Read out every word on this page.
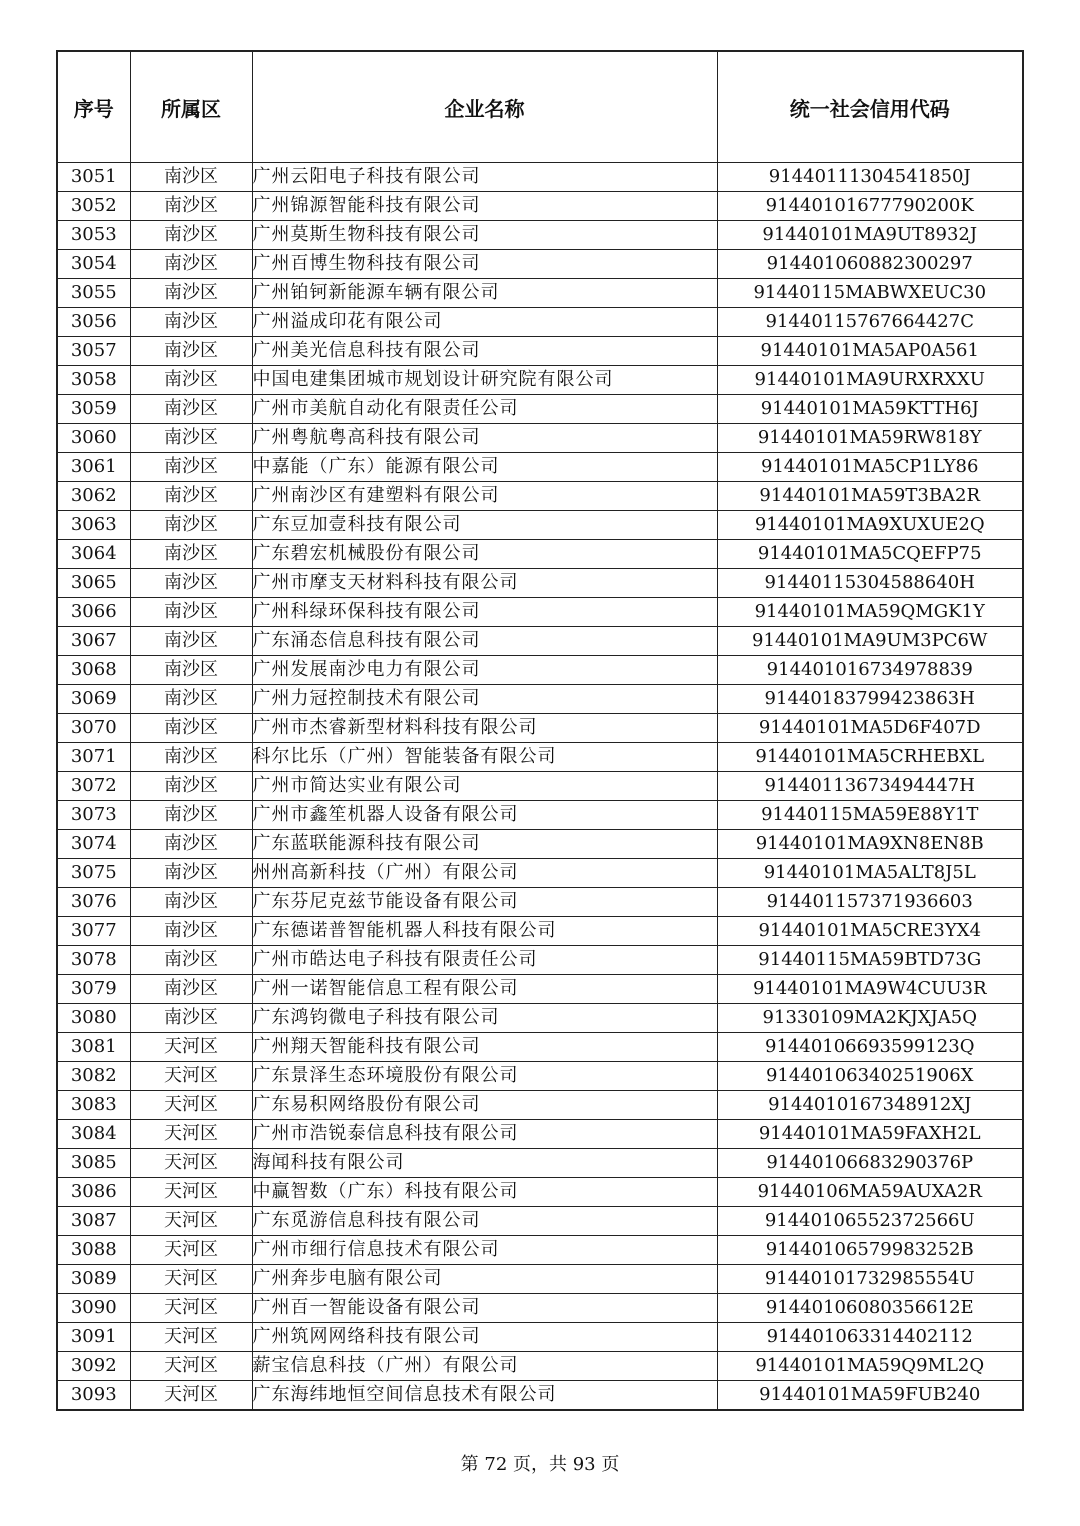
序号	所属区	企业名称	统一社会信用代码
3051	南沙区	广州云阳电子科技有限公司	91440111304541850J
3052	南沙区	广州锦源智能科技有限公司	91440101677790200K
3053	南沙区	广州莫斯生物科技有限公司	91440101MA9UT8932J
3054	南沙区	广州百博生物科技有限公司	914401060882300297
3055	南沙区	广州铂钶新能源车辆有限公司	91440115MABWXEUC30
3056	南沙区	广州溢成印花有限公司	91440115767664427C
3057	南沙区	广州美光信息科技有限公司	91440101MA5AP0A561
3058	南沙区	中国电建集团城市规划设计研究院有限公司	91440101MA9URXRXXU
3059	南沙区	广州市美航自动化有限责任公司	91440101MA59KTTH6J
3060	南沙区	广州粤航粤高科技有限公司	91440101MA59RW818Y
3061	南沙区	中嘉能（广东）能源有限公司	91440101MA5CP1LY86
3062	南沙区	广州南沙区有建塑料有限公司	91440101MA59T3BA2R
3063	南沙区	广东豆加壹科技有限公司	91440101MA9XUXUE2Q
3064	南沙区	广东碧宏机械股份有限公司	91440101MA5CQEFP75
3065	南沙区	广州市摩支天材料科技有限公司	91440115304588640H
3066	南沙区	广州科绿环保科技有限公司	91440101MA59QMGK1Y
3067	南沙区	广东涌态信息科技有限公司	91440101MA9UM3PC6W
3068	南沙区	广州发展南沙电力有限公司	914401016734978839
3069	南沙区	广州力冠控制技术有限公司	91440183799423863H
3070	南沙区	广州市杰睿新型材料科技有限公司	91440101MA5D6F407D
3071	南沙区	科尔比乐（广州）智能装备有限公司	91440101MA5CRHEBXL
3072	南沙区	广州市简达实业有限公司	91440113673494447H
3073	南沙区	广州市鑫笙机器人设备有限公司	91440115MA59E88Y1T
3074	南沙区	广东蓝联能源科技有限公司	91440101MA9XN8EN8B
3075	南沙区	州州高新科技（广州）有限公司	91440101MA5ALT8J5L
3076	南沙区	广东芬尼克兹节能设备有限公司	914401157371936603
3077	南沙区	广东德诺普智能机器人科技有限公司	91440101MA5CRE3YX4
3078	南沙区	广州市皓达电子科技有限责任公司	91440115MA59BTD73G
3079	南沙区	广州一诺智能信息工程有限公司	91440101MA9W4CUU3R
3080	南沙区	广东鸿钧微电子科技有限公司	91330109MA2KJXJA5Q
3081	天河区	广州翔天智能科技有限公司	91440106693599123Q
3082	天河区	广东景泽生态环境股份有限公司	91440106340251906X
3083	天河区	广东易积网络股份有限公司	9144010167348912XJ
3084	天河区	广州市浩锐泰信息科技有限公司	91440101MA59FAXH2L
3085	天河区	海闻科技有限公司	91440106683290376P
3086	天河区	中赢智数（广东）科技有限公司	91440106MA59AUXA2R
3087	天河区	广东觅游信息科技有限公司	91440106552372566U
3088	天河区	广州市细行信息技术有限公司	91440106579983252B
3089	天河区	广州奔步电脑有限公司	91440101732985554U
3090	天河区	广州百一智能设备有限公司	91440106080356612E
3091	天河区	广州筑网网络科技有限公司	914401063314402112
3092	天河区	薪宝信息科技（广州）有限公司	91440101MA59Q9ML2Q
3093	天河区	广东海纬地恒空间信息技术有限公司	91440101MA59FUB240
第 72 页，共 93 页
